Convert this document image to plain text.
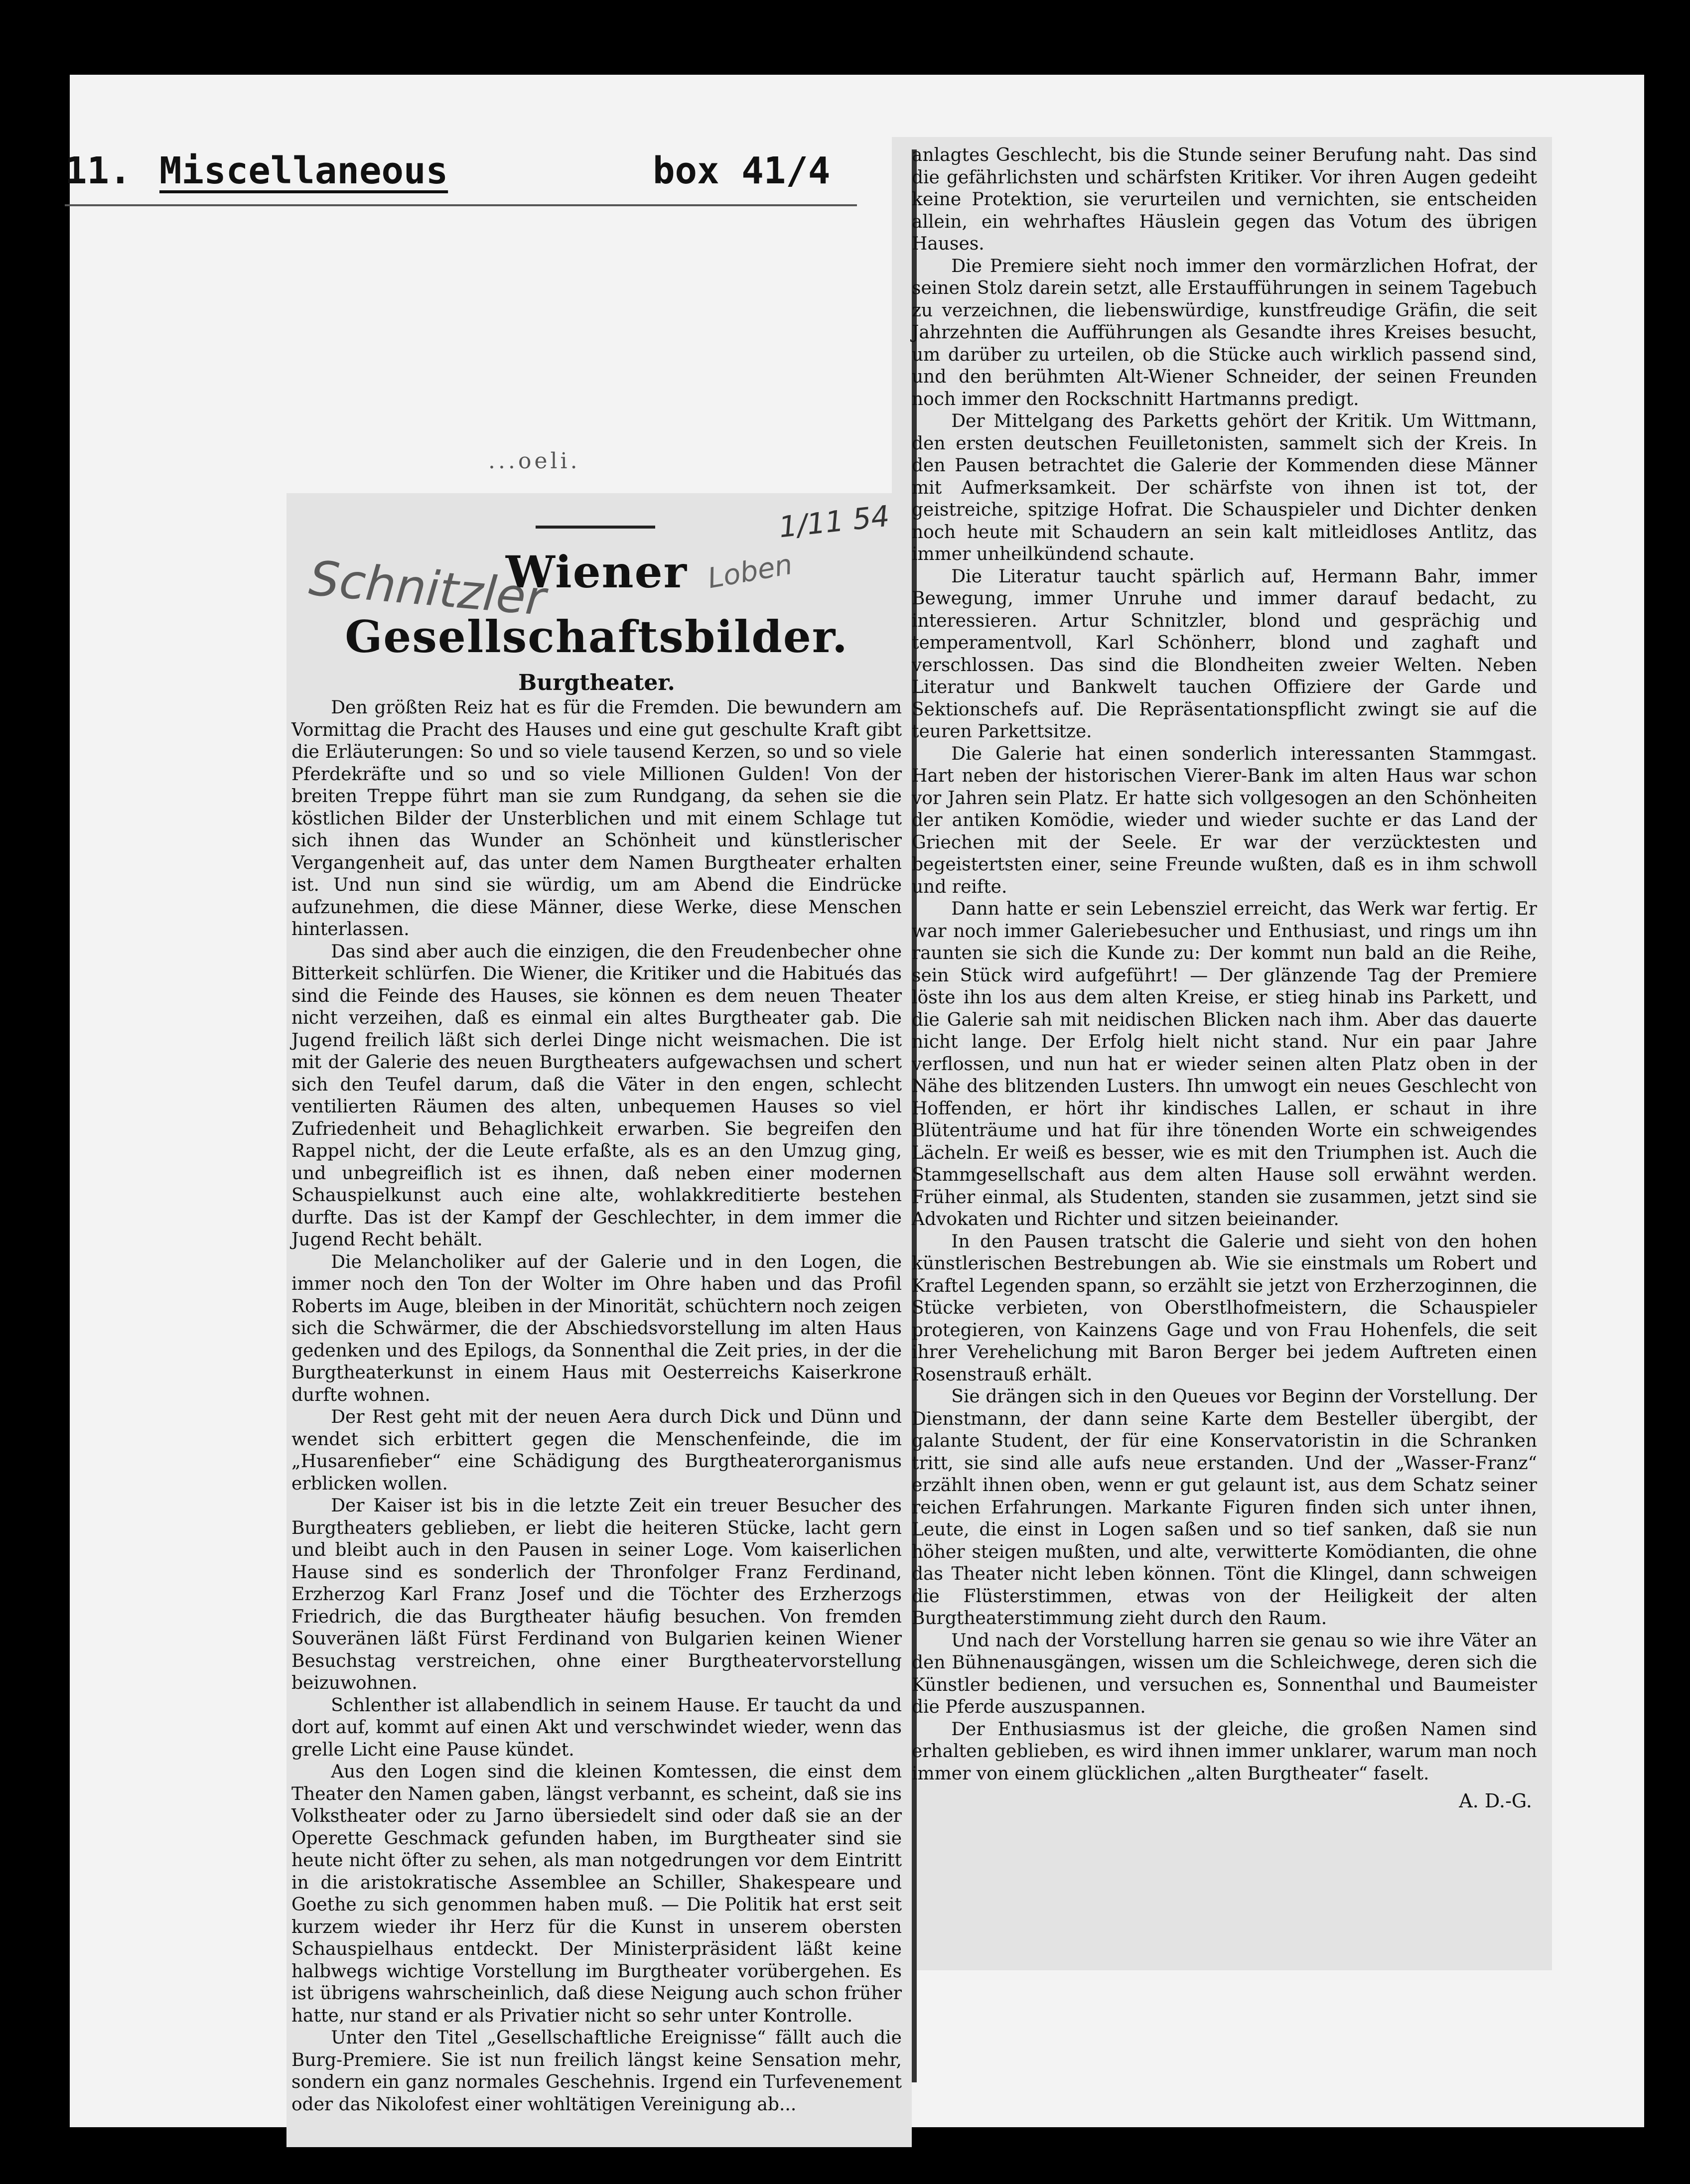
11. Miscellaneous	box 41/4
...oeli.
1/11 54
Wiener Gesellschaftsbilder.
Burgtheater.

Den größten Reiz hat es für die Fremden. Die bewundern am Vormittag die Pracht des Hauses und eine gut geschulte Kraft gibt die Erläuterungen: So und so viele tausend Kerzen, so und so viele Pferdekräfte und so und so viele Millionen Gulden! Von der breiten Treppe führt man sie zum Rundgang, da sehen sie die köstlichen Bilder der Unsterblichen und mit einem Schlage tut sich ihnen das Wunder an Schönheit und künstlerischer Vergangenheit auf, das unter dem Namen Burgtheater erhalten ist. Und nun sind sie würdig, um am Abend die Eindrücke aufzunehmen, die diese Männer, diese Werke, diese Menschen hinterlassen.

Das sind aber auch die einzigen, die den Freudenbecher ohne Bitterkeit schlürfen. Die Wiener, die Kritiker und die Habitués das sind die Feinde des Hauses, sie können es dem neuen Theater nicht verzeihen, daß es einmal ein altes Burgtheater gab. Die Jugend freilich läßt sich derlei Dinge nicht weismachen. Die ist mit der Galerie des neuen Burgtheaters aufgewachsen und schert sich den Teufel darum, daß die Väter in den engen, schlecht ventilierten Räumen des alten, unbequemen Hauses so viel Zufriedenheit und Behaglichkeit erwarben. Sie begreifen den Rappel nicht, der die Leute erfaßte, als es an den Umzug ging, und unbegreiflich ist es ihnen, daß neben einer modernen Schauspielkunst auch eine alte, wohlakkreditierte bestehen durfte. Das ist der Kampf der Geschlechter, in dem immer die Jugend Recht behält.

Die Melancholiker auf der Galerie und in den Logen, die immer noch den Ton der Wolter im Ohre haben und das Profil Roberts im Auge, bleiben in der Minorität, schüchtern noch zeigen sich die Schwärmer, die der Abschiedsvorstellung im alten Haus gedenken und des Epilogs, da Sonnenthal die Zeit pries, in der die Burgtheaterkunst in einem Haus mit Oesterreichs Kaiserkrone durfte wohnen.

Der Rest geht mit der neuen Aera durch Dick und Dünn und wendet sich erbittert gegen die Menschenfeinde, die im „Husarenfieber“ eine Schädigung des Burgtheaterorganismus erblicken wollen.

Der Kaiser ist bis in die letzte Zeit ein treuer Besucher des Burgtheaters geblieben, er liebt die heiteren Stücke, lacht gern und bleibt auch in den Pausen in seiner Loge. Vom kaiserlichen Hause sind es sonderlich der Thronfolger Franz Ferdinand, Erzherzog Karl Franz Josef und die Töchter des Erzherzogs Friedrich, die das Burgtheater häufig besuchen. Von fremden Souveränen läßt Fürst Ferdinand von Bulgarien keinen Wiener Besuchstag verstreichen, ohne einer Burgtheatervorstellung beizuwohnen.

Schlenther ist allabendlich in seinem Hause. Er taucht da und dort auf, kommt auf einen Akt und verschwindet wieder, wenn das grelle Licht eine Pause kündet.

Aus den Logen sind die kleinen Komtessen, die einst dem Theater den Namen gaben, längst verbannt, es scheint, daß sie ins Volkstheater oder zu Jarno übersiedelt sind oder daß sie an der Operette Geschmack gefunden haben, im Burgtheater sind sie heute nicht öfter zu sehen, als man notgedrungen vor dem Eintritt in die aristokratische Assemblee an Schiller, Shakespeare und Goethe zu sich genommen haben muß. — Die Politik hat erst seit kurzem wieder ihr Herz für die Kunst in unserem obersten Schauspielhaus entdeckt. Der Ministerpräsident läßt keine halbwegs wichtige Vorstellung im Burgtheater vorübergehen. Es ist übrigens wahrscheinlich, daß diese Neigung auch schon früher hatte, nur stand er als Privatier nicht so sehr unter Kontrolle.

Unter den Titel „Gesellschaftliche Ereignisse“ fällt auch die Burg-Premiere. Sie ist nun freilich längst keine Sensation mehr, sondern ein ganz normales Geschehnis. Irgend ein Turfevenement oder das Nikolofest einer wohltätigen Vereinigung ab...

anlagtes Geschlecht, bis die Stunde seiner Berufung naht. Das sind die gefährlichsten und schärfsten Kritiker. Vor ihren Augen gedeiht keine Protektion, sie verurteilen und vernichten, sie entscheiden allein, ein wehrhaftes Häuslein gegen das Votum des übrigen Hauses.

Die Premiere sieht noch immer den vormärzlichen Hofrat, der seinen Stolz darein setzt, alle Erstaufführungen in seinem Tagebuch zu verzeichnen, die liebenswürdige, kunstfreudige Gräfin, die seit Jahrzehnten die Aufführungen als Gesandte ihres Kreises besucht, um darüber zu urteilen, ob die Stücke auch wirklich passend sind, und den berühmten Alt-Wiener Schneider, der seinen Freunden noch immer den Rockschnitt Hartmanns predigt.

Der Mittelgang des Parketts gehört der Kritik. Um Wittmann, den ersten deutschen Feuilletonisten, sammelt sich der Kreis. In den Pausen betrachtet die Galerie der Kommenden diese Männer mit Aufmerksamkeit. Der schärfste von ihnen ist tot, der geistreiche, spitzige Hofrat. Die Schauspieler und Dichter denken noch heute mit Schaudern an sein kalt mitleidloses Antlitz, das immer unheilkündend schaute.

Die Literatur taucht spärlich auf, Hermann Bahr, immer Bewegung, immer Unruhe und immer darauf bedacht, zu interessieren. Artur Schnitzler, blond und gesprächig und temperamentvoll, Karl Schönherr, blond und zaghaft und verschlossen. Das sind die Blondheiten zweier Welten. Neben Literatur und Bankwelt tauchen Offiziere der Garde und Sektionschefs auf. Die Repräsentationspflicht zwingt sie auf die teuren Parkettsitze.

Die Galerie hat einen sonderlich interessanten Stammgast. Hart neben der historischen Vierer-Bank im alten Haus war schon vor Jahren sein Platz. Er hatte sich vollgesogen an den Schönheiten der antiken Komödie, wieder und wieder suchte er das Land der Griechen mit der Seele. Er war der verzücktesten und begeistertsten einer, seine Freunde wußten, daß es in ihm schwoll und reifte.

Dann hatte er sein Lebensziel erreicht, das Werk war fertig. Er war noch immer Galeriebesucher und Enthusiast, und rings um ihn raunten sie sich die Kunde zu: Der kommt nun bald an die Reihe, sein Stück wird aufgeführt! — Der glänzende Tag der Premiere löste ihn los aus dem alten Kreise, er stieg hinab ins Parkett, und die Galerie sah mit neidischen Blicken nach ihm. Aber das dauerte nicht lange. Der Erfolg hielt nicht stand. Nur ein paar Jahre verflossen, und nun hat er wieder seinen alten Platz oben in der Nähe des blitzenden Lusters. Ihn umwogt ein neues Geschlecht von Hoffenden, er hört ihr kindisches Lallen, er schaut in ihre Blütenträume und hat für ihre tönenden Worte ein schweigendes Lächeln. Er weiß es besser, wie es mit den Triumphen ist. Auch die Stammgesellschaft aus dem alten Hause soll erwähnt werden. Früher einmal, als Studenten, standen sie zusammen, jetzt sind sie Advokaten und Richter und sitzen beieinander.

In den Pausen tratscht die Galerie und sieht von den hohen künstlerischen Bestrebungen ab. Wie sie einstmals um Robert und Kraftel Legenden spann, so erzählt sie jetzt von Erzherzoginnen, die Stücke verbieten, von Oberstlhofmeistern, die Schauspieler protegieren, von Kainzens Gage und von Frau Hohenfels, die seit ihrer Verehelichung mit Baron Berger bei jedem Auftreten einen Rosenstrauß erhält.

Sie drängen sich in den Queues vor Beginn der Vorstellung. Der Dienstmann, der dann seine Karte dem Besteller übergibt, der galante Student, der für eine Konservatoristin in die Schranken tritt, sie sind alle aufs neue erstanden. Und der „Wasser-Franz“ erzählt ihnen oben, wenn er gut gelaunt ist, aus dem Schatz seiner reichen Erfahrungen. Markante Figuren finden sich unter ihnen, Leute, die einst in Logen saßen und so tief sanken, daß sie nun höher steigen mußten, und alte, verwitterte Komödianten, die ohne das Theater nicht leben können. Tönt die Klingel, dann schweigen die Flüsterstimmen, etwas von der Heiligkeit der alten Burgtheaterstimmung zieht durch den Raum.

Und nach der Vorstellung harren sie genau so wie ihre Väter an den Bühnenausgängen, wissen um die Schleichwege, deren sich die Künstler bedienen, und versuchen es, Sonnenthal und Baumeister die Pferde auszuspannen.

Der Enthusiasmus ist der gleiche, die großen Namen sind erhalten geblieben, es wird ihnen immer unklarer, warum man noch immer von einem glücklichen „alten Burgtheater“ faselt.

A. D.-G.
Schnitzler	Loben
